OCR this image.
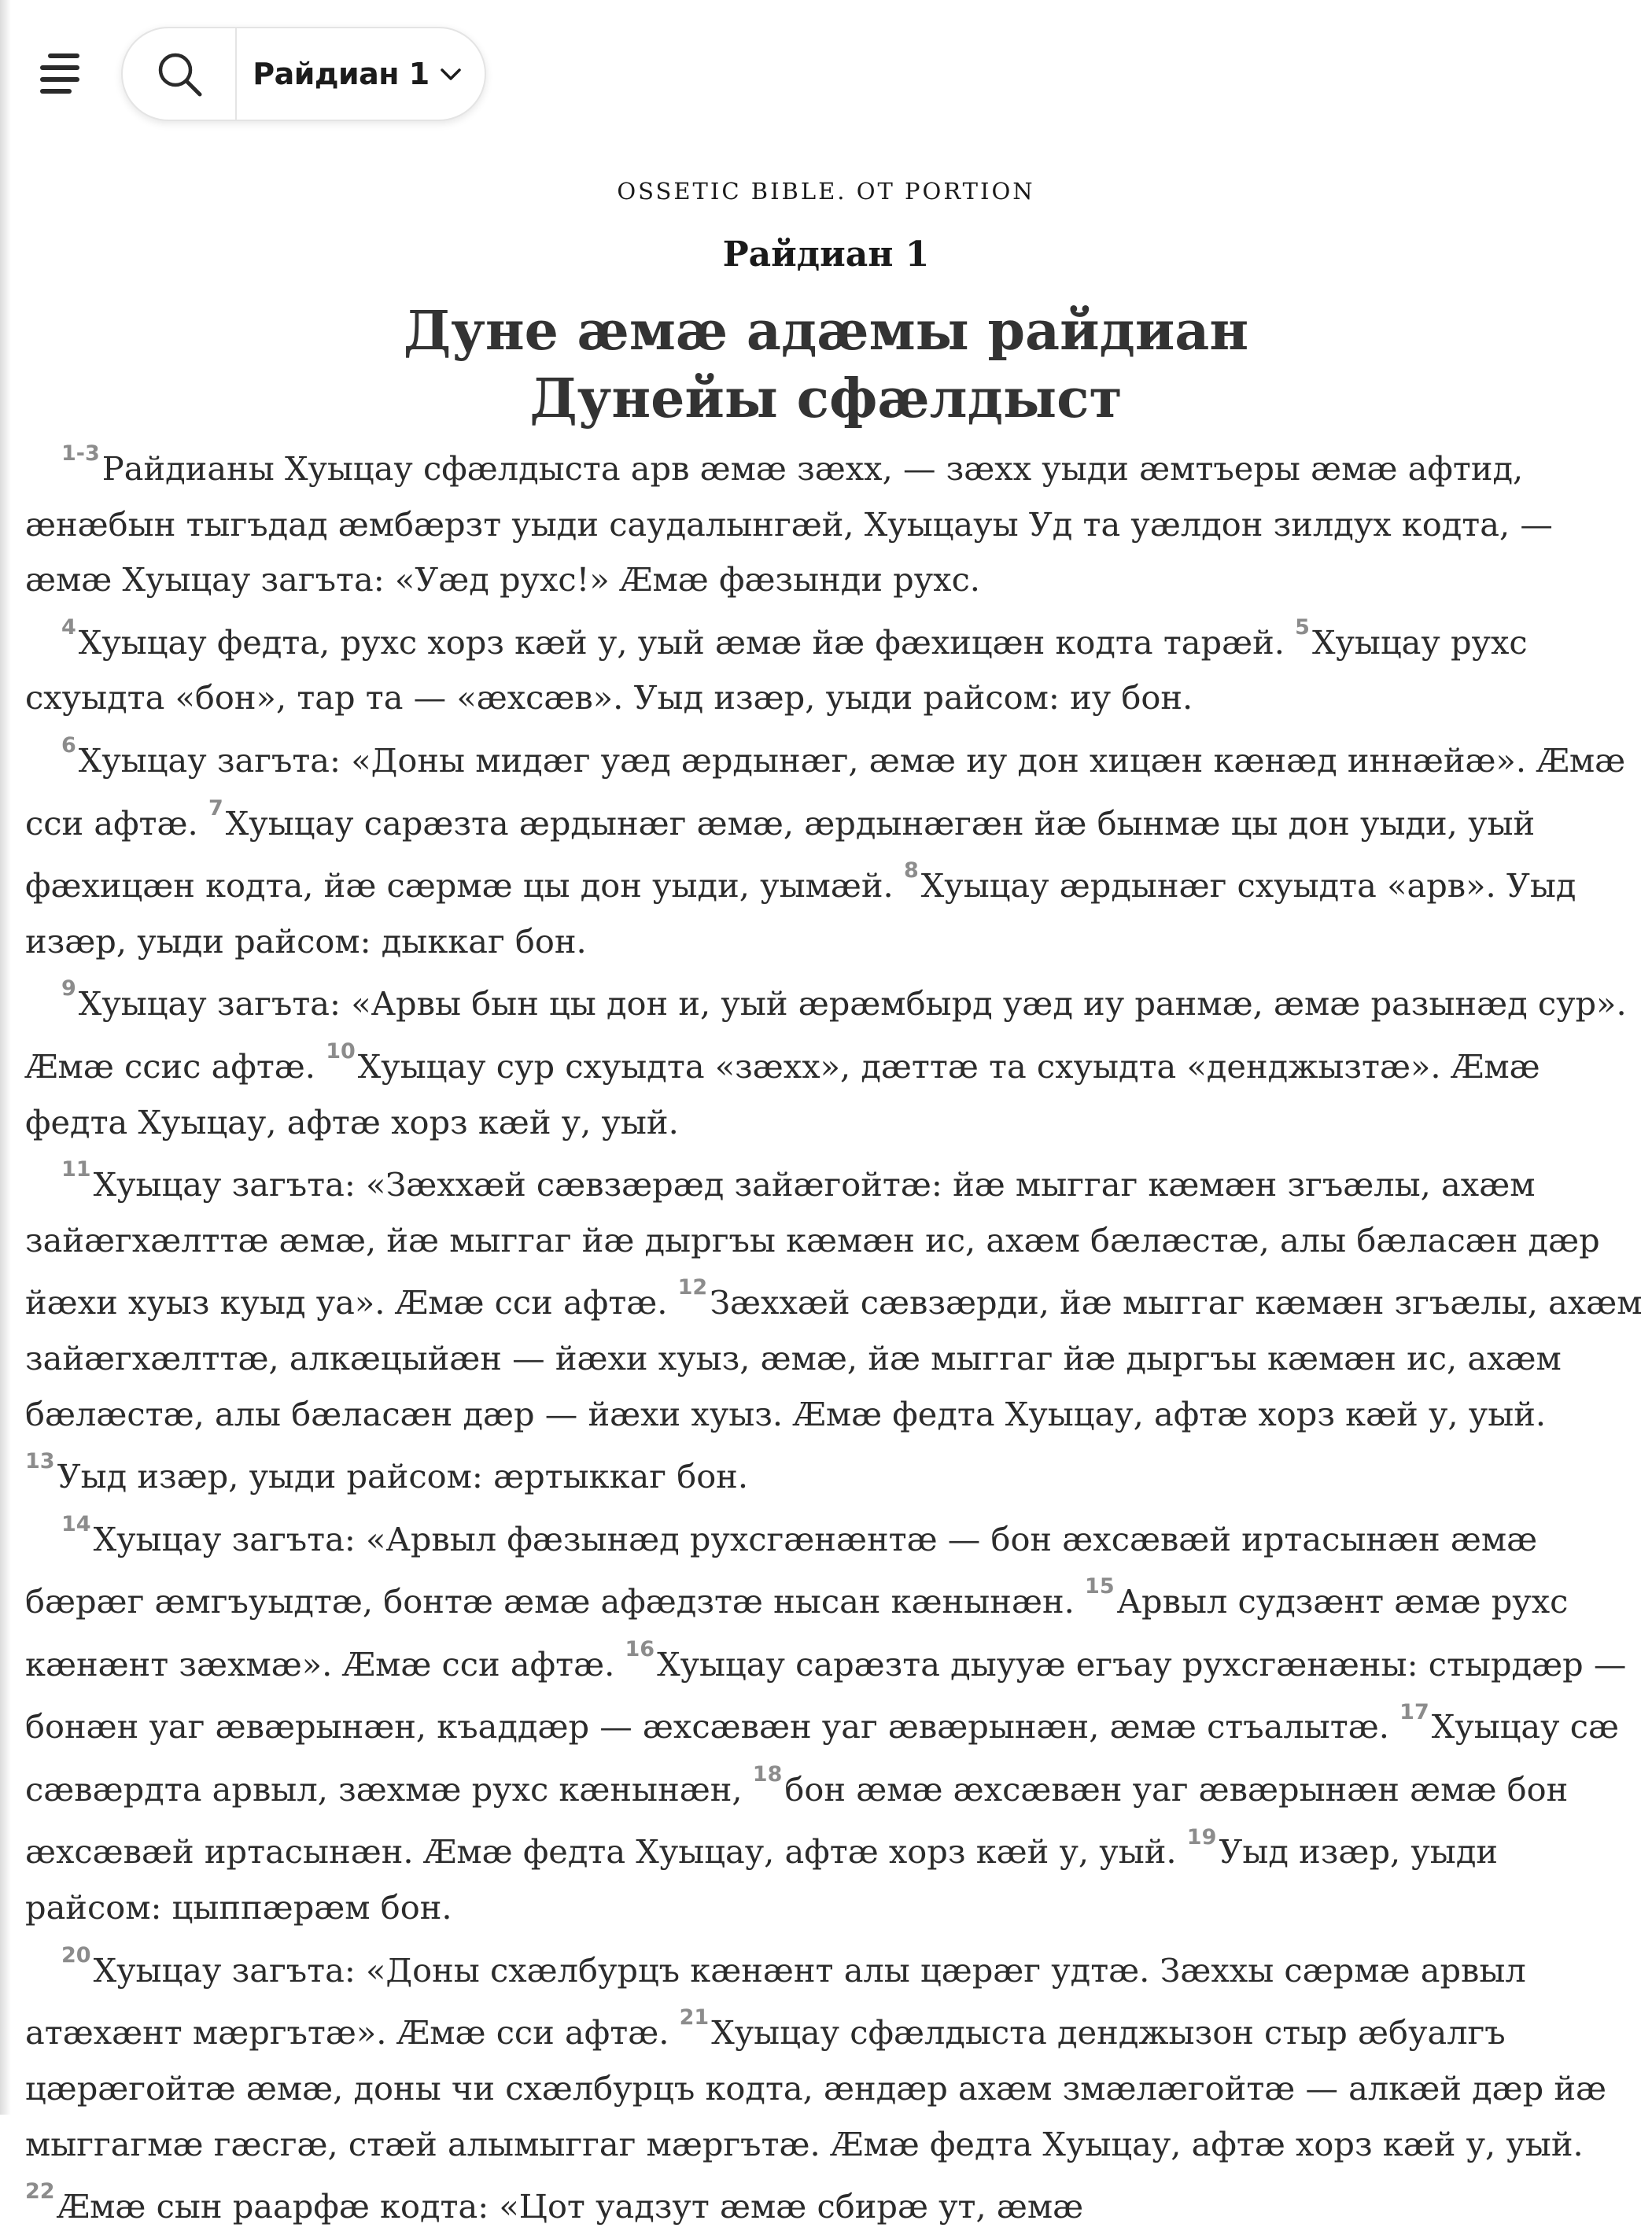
Райдиан 1
OSSETIC BIBLE. OT PORTION
Райдиан 1
Дуне æмæ адæмы райдиан
Дунейы сфæлдыст

$^{1-3}$Райдианы Хуыцау сфæлдыста арв æмæ зæхх, — зæхх уыди æмтъеры æмæ афтид, æнæбын тыгъдад æмбæрзт уыди саудалынгæй, Хуыцауы Уд та уæлдон зилдух кодта, — æмæ Хуыцау загъта: «Уæд рухс!» Æмæ фæзынди рухс.

$^4$Хуыцау федта, рухс хорз кæй у, уый æмæ йæ фæхицæн кодта тарæй. $^5$Хуыцау рухс схуыдта «бон», тар та — «æхсæв». Уыд изæр, уыди райсом: иу бон.

$^6$Хуыцау загъта: «Доны мидæг уæд æрдынæг, æмæ иу дон хицæн кæнæд иннæйæ». Æмæ сси афтæ. $^7$Хуыцау сарæзта æрдынæг æмæ, æрдынæгæн йæ бынмæ цы дон уыди, уый фæхицæн кодта, йæ сæрмæ цы дон уыди, уымæй. $^8$Хуыцау æрдынæг схуыдта «арв». Уыд изæр, уыди райсом: дыккаг бон.

$^9$Хуыцау загъта: «Арвы бын цы дон и, уый æрæмбырд уæд иу ранмæ, æмæ разынæд сур». Æмæ ссис афтæ. $^{10}$Хуыцау сур схуыдта «зæхх», дæттæ та схуыдта «денджызтæ». Æмæ федта Хуыцау, афтæ хорз кæй у, уый.

$^{11}$Хуыцау загъта: «Зæххæй сæвзæрæд зайæгойтæ: йæ мыггаг кæмæн згъæлы, ахæм зайæгхæлттæ æмæ, йæ мыггаг йæ дыргъы кæмæн ис, ахæм бæлæстæ, алы бæласæн дæр йæхи хуыз куыд уа». Æмæ сси афтæ. $^{12}$Зæххæй сæвзæрди, йæ мыггаг кæмæн згъæлы, ахæм зайæгхæлттæ, алкæцыйæн — йæхи хуыз, æмæ, йæ мыггаг йæ дыргъы кæмæн ис, ахæм бæлæстæ, алы бæласæн дæр — йæхи хуыз. Æмæ федта Хуыцау, афтæ хорз кæй у, уый. $^{13}$Уыд изæр, уыди райсом: æртыккаг бон.

$^{14}$Хуыцау загъта: «Арвыл фæзынæд рухсгæнæнтæ — бон æхсæвæй иртасынæн æмæ бæрæг æмгъуыдтæ, бонтæ æмæ афæдзтæ нысан кæнынæн. $^{15}$Арвыл судзæнт æмæ рухс кæнæнт зæхмæ». Æмæ сси афтæ. $^{16}$Хуыцау сарæзта дыууæ егъау рухсгæнæны: стырдæр — бонæн уаг æвæрынæн, къаддæр — æхсæвæн уаг æвæрынæн, æмæ стъалытæ. $^{17}$Хуыцау сæ сæвæрдта арвыл, зæхмæ рухс кæнынæн, $^{18}$бон æмæ æхсæвæн уаг æвæрынæн æмæ бон æхсæвæй иртасынæн. Æмæ федта Хуыцау, афтæ хорз кæй у, уый. $^{19}$Уыд изæр, уыди райсом: цыппæрæм бон.

$^{20}$Хуыцау загъта: «Доны схæлбурцъ кæнæнт алы цæрæг удтæ. Зæххы сæрмæ арвыл атæхæнт мæргътæ». Æмæ сси афтæ. $^{21}$Хуыцау сфæлдыста денджызон стыр æбуалгъ цæрæгойтæ æмæ, доны чи схæлбурцъ кодта, æндæр ахæм змæлæгойтæ — алкæй дæр йæ мыггагмæ гæсгæ, стæй алымыггаг мæргътæ. Æмæ федта Хуыцау, афтæ хорз кæй у, уый. $^{22}$Æмæ сын раарфæ кодта: «Цот уадзут æмæ сбирæ ут, æмæ
